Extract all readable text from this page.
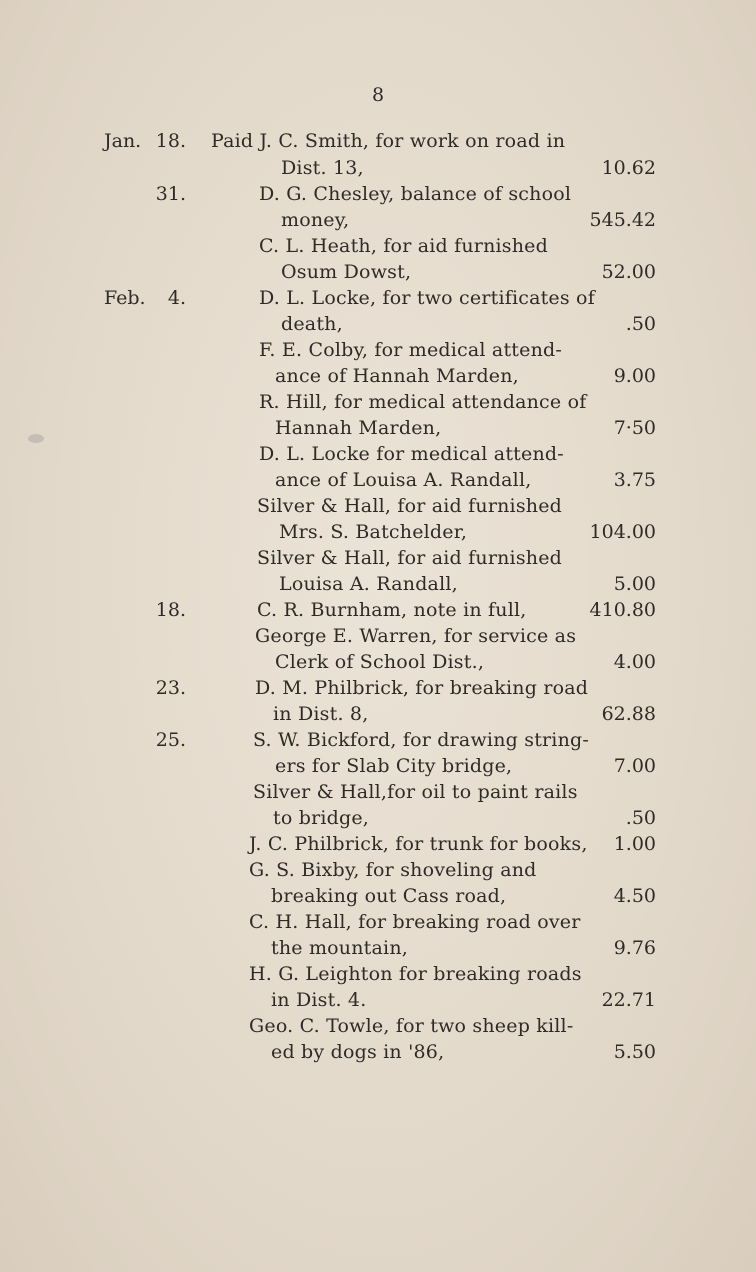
8
Jan. 18. Paid J. C. Smith, for work on road in
Dist. 13,	10.62
31.	D. G. Chesley, balance of school
money,	545.42
C. L. Heath, for aid furnished
Osum Dowst,	52.00
Feb. 4.	D. L. Locke, for two certificates of
death,	.50
F. E. Colby, for medical attend-
ance of Hannah Marden,	9.00
R. Hill, for medical attendance of
Hannah Marden,	7·50
D. L. Locke for medical attend-
ance of Louisa A. Randall,	3.75
Silver & Hall, for aid furnished
Mrs. S. Batchelder,	104.00
Silver & Hall, for aid furnished
Louisa A. Randall,	5.00
18.	C. R. Burnham, note in full,	410.80
George E. Warren, for service as
Clerk of School Dist.,	4.00
23.	D. M. Philbrick, for breaking road
in Dist. 8,	62.88
25.	S. W. Bickford, for drawing string-
ers for Slab City bridge,	7.00
Silver & Hall,for oil to paint rails
to bridge,	.50
J. C. Philbrick, for trunk for books, 1.00
G. S. Bixby, for shoveling and
breaking out Cass road,	4.50
C. H. Hall, for breaking road over
the mountain,	9.76
H. G. Leighton for breaking roads
in Dist. 4.	22.71
Geo. C. Towle, for two sheep kill-
ed by dogs in '86,	5.50
